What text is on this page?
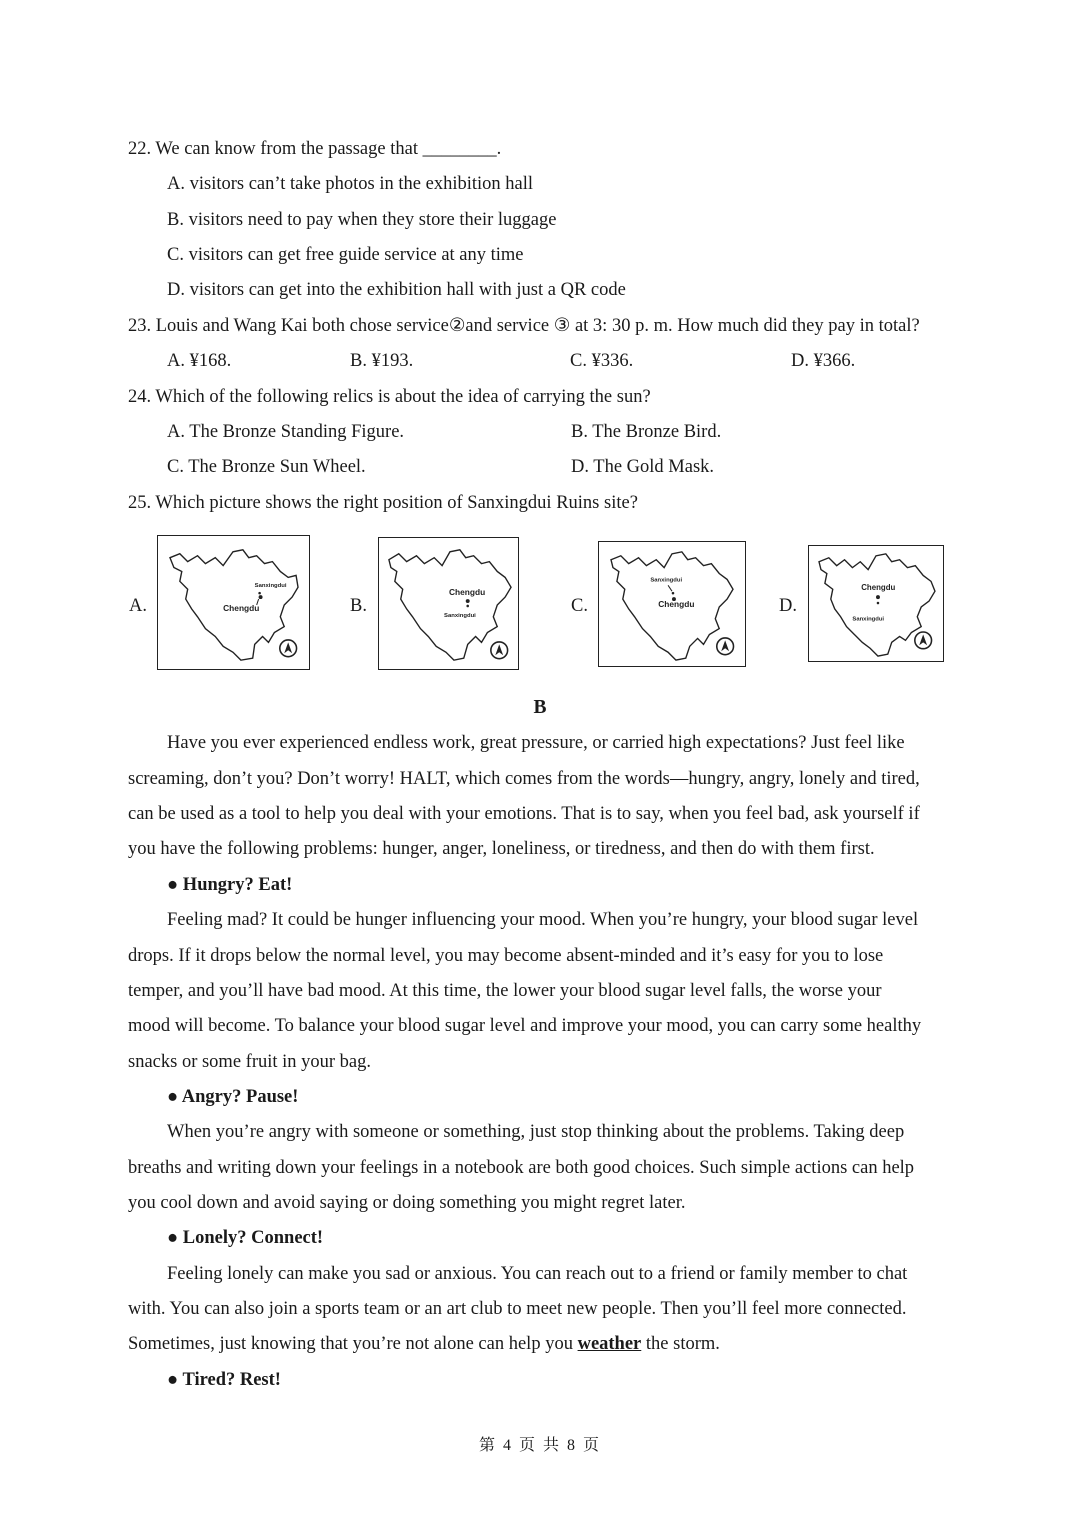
22. We can know from the passage that ________.
A. visitors can’t take photos in the exhibition hall
B. visitors need to pay when they store their luggage
C. visitors can get free guide service at any time
D. visitors can get into the exhibition hall with just a QR code
23. Louis and Wang Kai both chose service②and service ③ at 3: 30 p. m. How much did they pay in total?
A. ¥168.	B. ¥193.	C. ¥336.	D. ¥366.
24. Which of the following relics is about the idea of carrying the sun?
A. The Bronze Standing Figure.	B. The Bronze Bird.
C. The Bronze Sun Wheel.	D. The Gold Mask.
25. Which picture shows the right position of Sanxingdui Ruins site?
A.
Sanxingdui
Chengdu	B.
Chengdu
Sanxingdui	C.
Sanxingdui
Chengdu	D.
Chengdu
Sanxingdui
B
Have you ever experienced endless work, great pressure, or carried high expectations? Just feel like
screaming, don’t you? Don’t worry! HALT, which comes from the words—hungry, angry, lonely and tired,
can be used as a tool to help you deal with your emotions. That is to say, when you feel bad, ask yourself if
you have the following problems: hunger, anger, loneliness, or tiredness, and then do with them first.
● Hungry? Eat!
Feeling mad? It could be hunger influencing your mood. When you’re hungry, your blood sugar level
drops. If it drops below the normal level, you may become absent-minded and it’s easy for you to lose
temper, and you’ll have bad mood. At this time, the lower your blood sugar level falls, the worse your
mood will become. To balance your blood sugar level and improve your mood, you can carry some healthy
snacks or some fruit in your bag.
● Angry? Pause!
When you’re angry with someone or something, just stop thinking about the problems. Taking deep
breaths and writing down your feelings in a notebook are both good choices. Such simple actions can help
you cool down and avoid saying or doing something you might regret later.
● Lonely? Connect!
Feeling lonely can make you sad or anxious. You can reach out to a friend or family member to chat
with. You can also join a sports team or an art club to meet new people. Then you’ll feel more connected.
Sometimes, just knowing that you’re not alone can help you weather the storm.
● Tired? Rest!
第 4 页 共 8 页
